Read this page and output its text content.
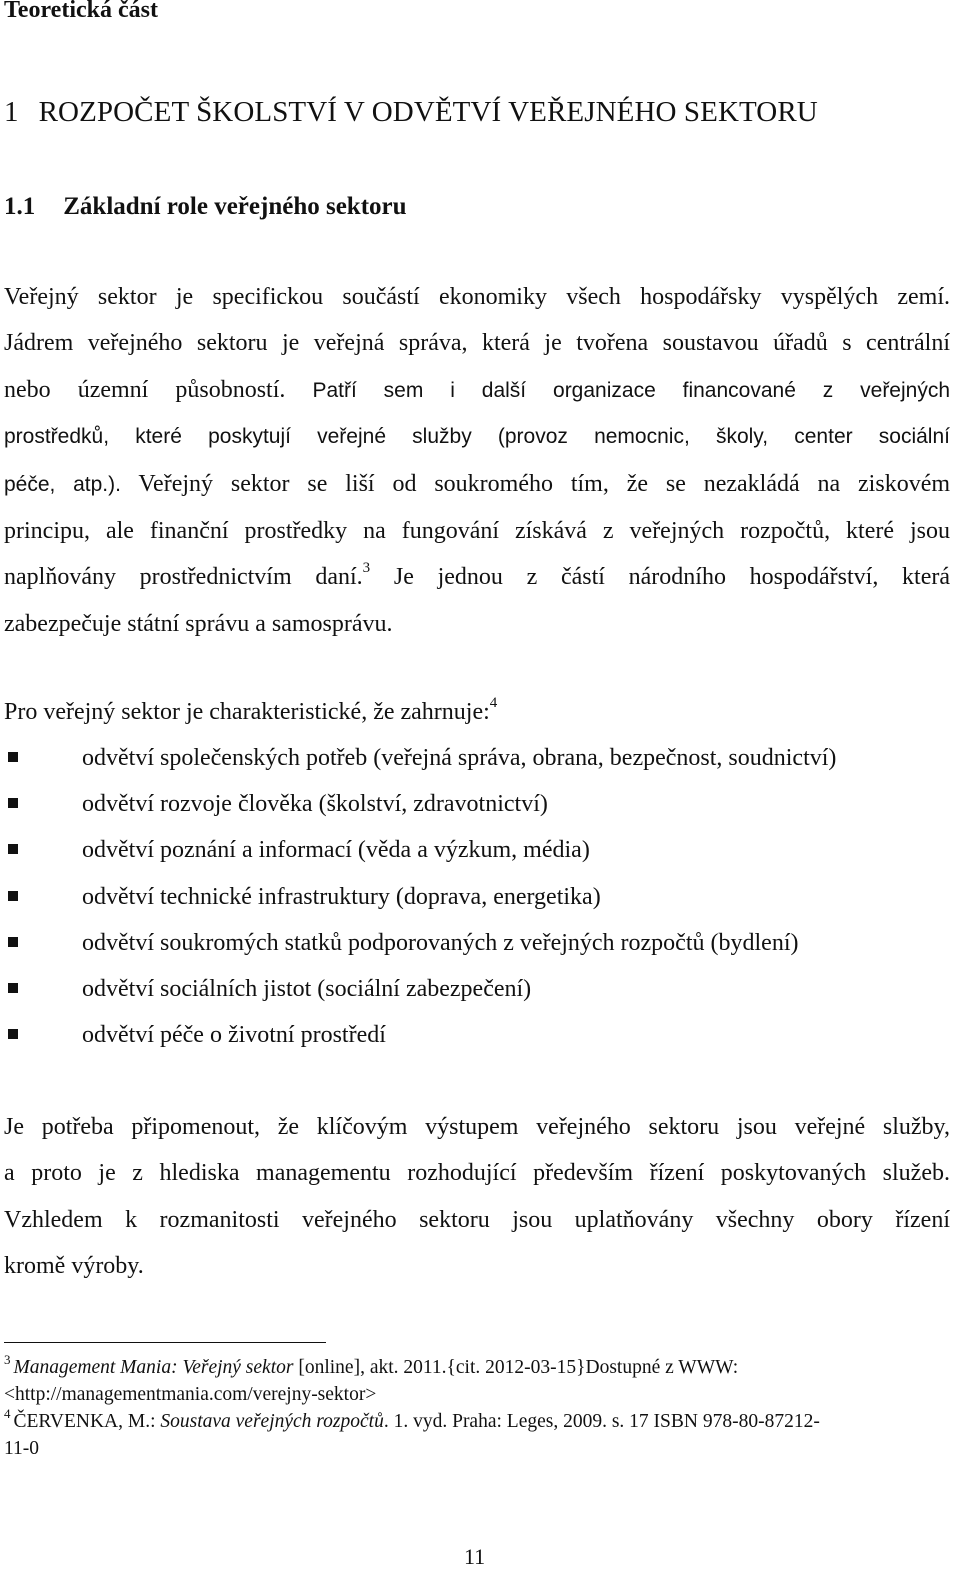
Teoretická část
1 ROZPOČET ŠKOLSTVÍ V ODVĚTVÍ VEŘEJNÉHO SEKTORU
1.1 Základní role veřejného sektoru
Veřejný sektor je specifickou součástí ekonomiky všech hospodářsky vyspělých zemí.
Jádrem veřejného sektoru je veřejná správa, která je tvořena soustavou úřadů s centrální
nebo územní působností. Patří sem i další organizace financované z veřejných
prostředků, které poskytují veřejné služby (provoz nemocnic, školy, center sociální
péče, atp.). Veřejný sektor se liší od soukromého tím, že se nezakládá na ziskovém
principu, ale finanční prostředky na fungování získává z veřejných rozpočtů, které jsou
naplňovány prostřednictvím daní.$^3$ Je jednou z částí národního hospodářství, která
zabezpečuje státní správu a samosprávu.
Pro veřejný sektor je charakteristické, že zahrnuje:$^4$
odvětví společenských potřeb (veřejná správa, obrana, bezpečnost, soudnictví)
odvětví rozvoje člověka (školství, zdravotnictví)
odvětví poznání a informací (věda a výzkum, média)
odvětví technické infrastruktury (doprava, energetika)
odvětví soukromých statků podporovaných z veřejných rozpočtů (bydlení)
odvětví sociálních jistot (sociální zabezpečení)
odvětví péče o životní prostředí
Je potřeba připomenout, že klíčovým výstupem veřejného sektoru jsou veřejné služby,
a proto je z hlediska managementu rozhodující především řízení poskytovaných služeb.
Vzhledem k rozmanitosti veřejného sektoru jsou uplatňovány všechny obory řízení
kromě výroby.
$^3$ Management Mania: Veřejný sektor [online], akt. 2011.{cit. 2012-03-15}Dostupné z WWW:
<http://managementmania.com/verejny-sektor>
$^4$ ČERVENKA, M.: Soustava veřejných rozpočtů. 1. vyd. Praha: Leges, 2009. s. 17 ISBN 978-80-87212-
11-0
11
